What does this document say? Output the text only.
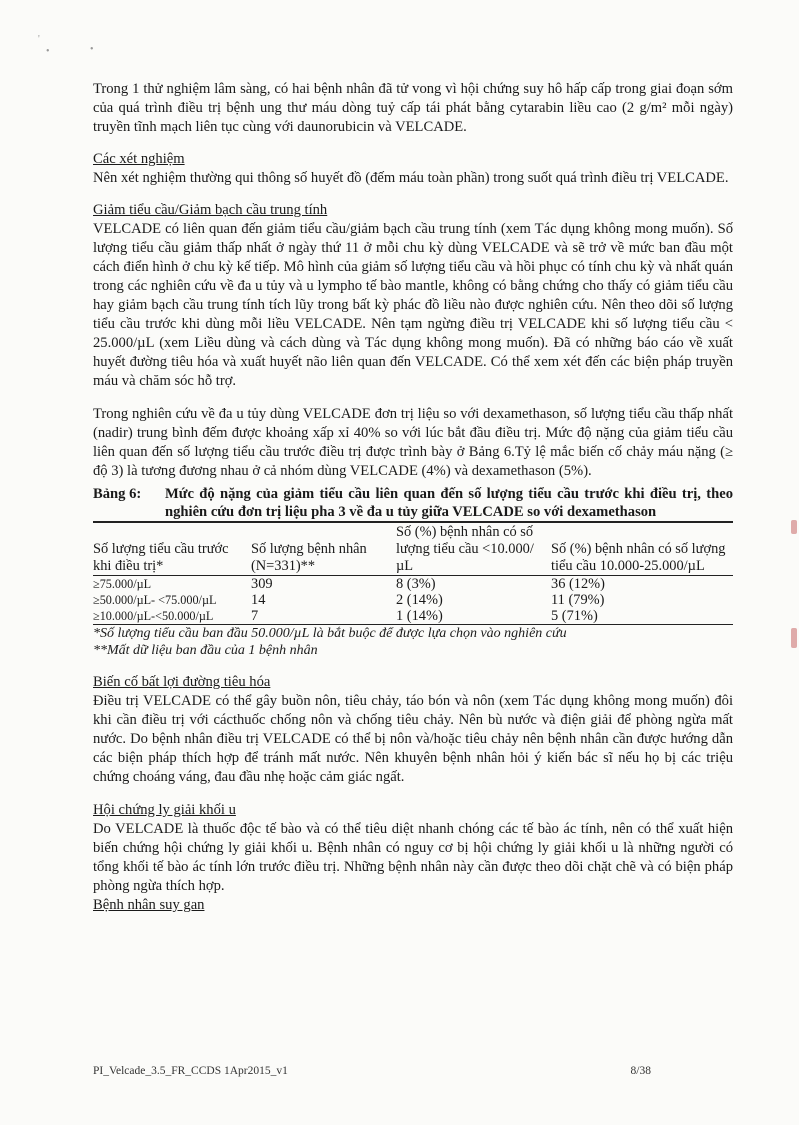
'
•	•

Trong 1 thử nghiệm lâm sàng, có hai bệnh nhân đã tử vong vì hội chứng suy hô hấp cấp trong giai đoạn sớm của quá trình điều trị bệnh ung thư máu dòng tuỷ cấp tái phát bằng cytarabin liều cao (2 g/m² mỗi ngày) truyền tĩnh mạch liên tục cùng với daunorubicin và VELCADE.

Các xét nghiệm

Nên xét nghiệm thường qui thông số huyết đồ (đếm máu toàn phần) trong suốt quá trình điều trị VELCADE.

Giảm tiểu cầu/Giảm bạch cầu trung tính

VELCADE có liên quan đến giảm tiểu cầu/giảm bạch cầu trung tính (xem Tác dụng không mong muốn). Số lượng tiểu cầu giảm thấp nhất ở ngày thứ 11 ở mỗi chu kỳ dùng VELCADE và sẽ trở về mức ban đầu một cách điển hình ở chu kỳ kế tiếp. Mô hình của giảm số lượng tiểu cầu và hồi phục có tính chu kỳ và nhất quán trong các nghiên cứu về đa u tủy và u lympho tế bào mantle, không có bằng chứng cho thấy có giảm tiểu cầu hay giảm bạch cầu trung tính tích lũy trong bất kỳ phác đồ liều nào được nghiên cứu. Nên theo dõi số lượng tiểu cầu trước khi dùng mỗi liều VELCADE. Nên tạm ngừng điều trị VELCADE khi số lượng tiểu cầu < 25.000/µL (xem Liều dùng và cách dùng và Tác dụng không mong muốn). Đã có những báo cáo về xuất huyết đường tiêu hóa và xuất huyết não liên quan đến VELCADE. Có thể xem xét đến các biện pháp truyền máu và chăm sóc hỗ trợ.

Trong nghiên cứu về đa u tủy dùng VELCADE đơn trị liệu so với dexamethason, số lượng tiểu cầu thấp nhất (nadir) trung bình đếm được khoảng xấp xỉ 40% so với lúc bắt đầu điều trị. Mức độ nặng của giảm tiểu cầu liên quan đến số lượng tiểu cầu trước điều trị được trình bày ở Bảng 6.Tỷ lệ mắc biến cố chảy máu nặng (≥ độ 3) là tương đương nhau ở cả nhóm dùng VELCADE (4%) và dexamethason (5%).

Bảng 6:	Mức độ nặng của giảm tiểu cầu liên quan đến số lượng tiểu cầu trước khi điều trị, theo nghiên cứu đơn trị liệu pha 3 về đa u tủy giữa VELCADE so với dexamethason
Số lượng tiểu cầu trước khi điều trị*	Số lượng bệnh nhân (N=331)**	Số (%) bệnh nhân có số lượng tiểu cầu <10.000/µL	Số (%) bệnh nhân có số lượng tiểu cầu 10.000-25.000/µL
≥75.000/µL	309	8 (3%)	36 (12%)
≥50.000/µL- <75.000/µL	14	2 (14%)	11 (79%)
≥10.000/µL-<50.000/µL	7	1 (14%)	5 (71%)

*Số lượng tiểu cầu ban đầu 50.000/µL là bắt buộc để được lựa chọn vào nghiên cứu

**Mất dữ liệu ban đầu của 1 bệnh nhân

Biến cố bất lợi đường tiêu hóa

Điều trị VELCADE có thể gây buồn nôn, tiêu chảy, táo bón và nôn (xem Tác dụng không mong muốn) đôi khi cần điều trị với cácthuốc chống nôn và chống tiêu chảy. Nên bù nước và điện giải để phòng ngừa mất nước. Do bệnh nhân điều trị VELCADE có thể bị nôn và/hoặc tiêu chảy nên bệnh nhân cần được hướng dẫn các biện pháp thích hợp để tránh mất nước. Nên khuyên bệnh nhân hỏi ý kiến bác sĩ nếu họ bị các triệu chứng choáng váng, đau đầu nhẹ hoặc cảm giác ngất.

Hội chứng ly giải khối u

Do VELCADE là thuốc độc tế bào và có thể tiêu diệt nhanh chóng các tế bào ác tính, nên có thể xuất hiện biến chứng hội chứng ly giải khối u. Bệnh nhân có nguy cơ bị hội chứng ly giải khối u là những người có tổng khối tế bào ác tính lớn trước điều trị. Những bệnh nhân này cần được theo dõi chặt chẽ và có biện pháp phòng ngừa thích hợp.

Bệnh nhân suy gan

PI_Velcade_3.5_FR_CCDS 1Apr2015_v1	8/38
